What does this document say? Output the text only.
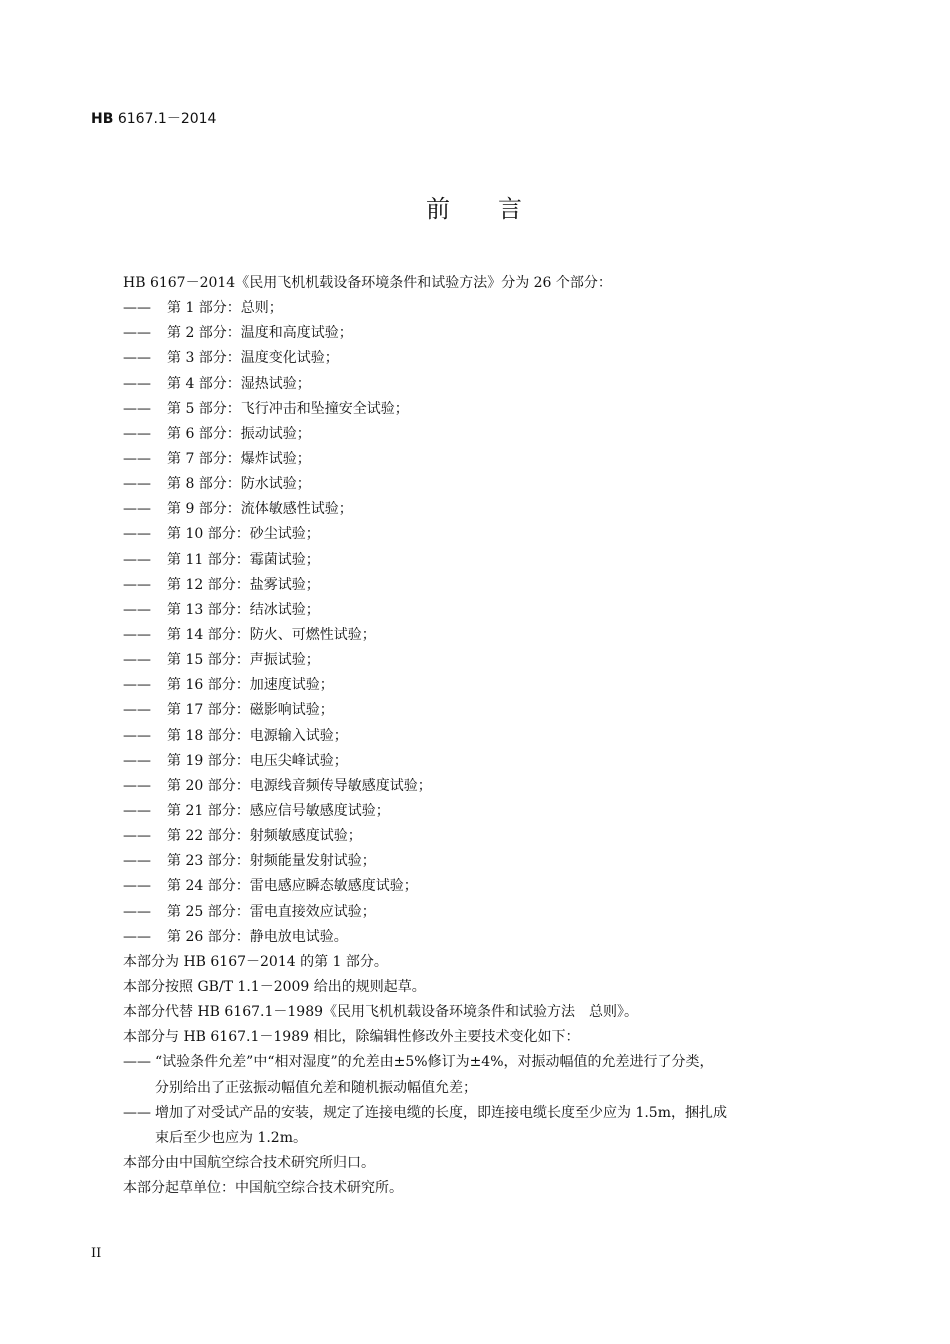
HB 6167.1－2014
前 言
HB 6167－2014《民用飞机机载设备环境条件和试验方法》分为 26 个部分：
—— 第 1 部分：总则；
—— 第 2 部分：温度和高度试验；
—— 第 3 部分：温度变化试验；
—— 第 4 部分：湿热试验；
—— 第 5 部分：飞行冲击和坠撞安全试验；
—— 第 6 部分：振动试验；
—— 第 7 部分：爆炸试验；
—— 第 8 部分：防水试验；
—— 第 9 部分：流体敏感性试验；
—— 第 10 部分：砂尘试验；
—— 第 11 部分：霉菌试验；
—— 第 12 部分：盐雾试验；
—— 第 13 部分：结冰试验；
—— 第 14 部分：防火、可燃性试验；
—— 第 15 部分：声振试验；
—— 第 16 部分：加速度试验；
—— 第 17 部分：磁影响试验；
—— 第 18 部分：电源输入试验；
—— 第 19 部分：电压尖峰试验；
—— 第 20 部分：电源线音频传导敏感度试验；
—— 第 21 部分：感应信号敏感度试验；
—— 第 22 部分：射频敏感度试验；
—— 第 23 部分：射频能量发射试验；
—— 第 24 部分：雷电感应瞬态敏感度试验；
—— 第 25 部分：雷电直接效应试验；
—— 第 26 部分：静电放电试验。
本部分为 HB 6167－2014 的第 1 部分。
本部分按照 GB/T 1.1－2009 给出的规则起草。
本部分代替 HB 6167.1－1989《民用飞机机载设备环境条件和试验方法　总则》。
本部分与 HB 6167.1－1989 相比，除编辑性修改外主要技术变化如下：
—— “试验条件允差”中“相对湿度”的允差由±5%修订为±4%，对振动幅值的允差进行了分类，
分别给出了正弦振动幅值允差和随机振动幅值允差；
—— 增加了对受试产品的安装，规定了连接电缆的长度，即连接电缆长度至少应为 1.5m，捆扎成
束后至少也应为 1.2m。
本部分由中国航空综合技术研究所归口。
本部分起草单位：中国航空综合技术研究所。
II
